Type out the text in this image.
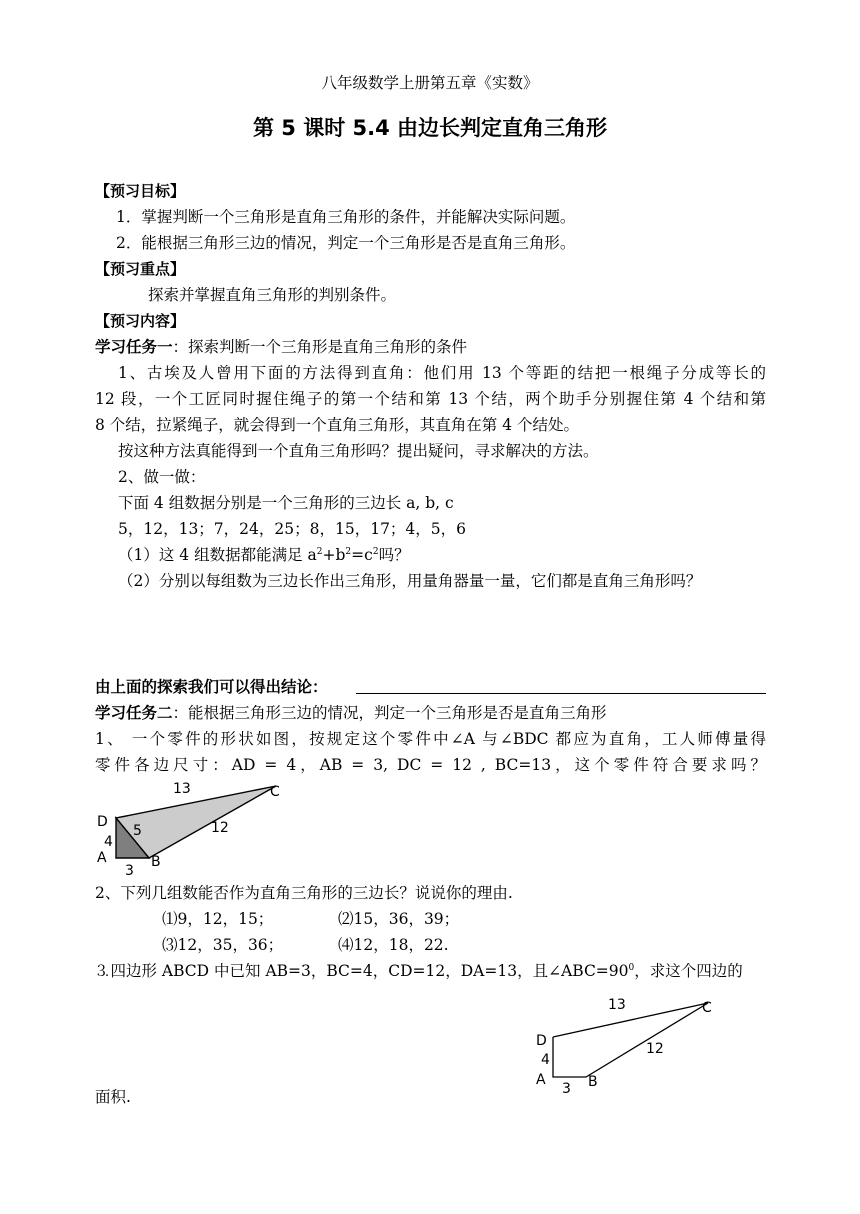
八年级数学上册第五章《实数》
第 5 课时 5.4 由边长判定直角三角形
【预习目标】
1．掌握判断一个三角形是直角三角形的条件，并能解决实际问题。
2．能根据三角形三边的情况，判定一个三角形是否是直角三角形。
【预习重点】
探索并掌握直角三角形的判别条件。
【预习内容】
学习任务一：探索判断一个三角形是直角三角形的条件
1、古埃及人曾用下面的方法得到直角：他们用 13 个等距的结把一根绳子分成等长的
12 段，一个工匠同时握住绳子的第一个结和第 13 个结，两个助手分别握住第 4 个结和第
8 个结，拉紧绳子，就会得到一个直角三角形，其直角在第 4 个结处。
按这种方法真能得到一个直角三角形吗？提出疑问，寻求解决的方法。
2、做一做：
下面 4 组数据分别是一个三角形的三边长 a, b, c
5，12，13；7，24，25；8，15，17；4，5，6
（1）这 4 组数据都能满足 $a^2+b^2=c^2$吗？
（2）分别以每组数为三边长作出三角形，用量角器量一量，它们都是直角三角形吗？
由上面的探索我们可以得出结论：
学习任务二：能根据三角形三边的情况，判定一个三角形是否是直角三角形
1、 一个零件的形状如图，按规定这个零件中∠A 与∠BDC 都应为直角，工人师傅量得
零件各边尺寸：AD = 4，AB = 3, DC = 12 , BC=13，这个零件符合要求吗？
13	C
D
5	12
4
A	B
3
2、下列几组数能否作为直角三角形的三边长？说说你的理由.
⑴9，12，15；	⑵15，36，39；
⑶12，35，36；	⑷12，18，22.
⒊四边形 ABCD 中已知 AB=3，BC=4，CD=12，DA=13，且$\angle ABC=90^0$，求这个四边的
13	C
D	12
4
A	B
3
面积.
